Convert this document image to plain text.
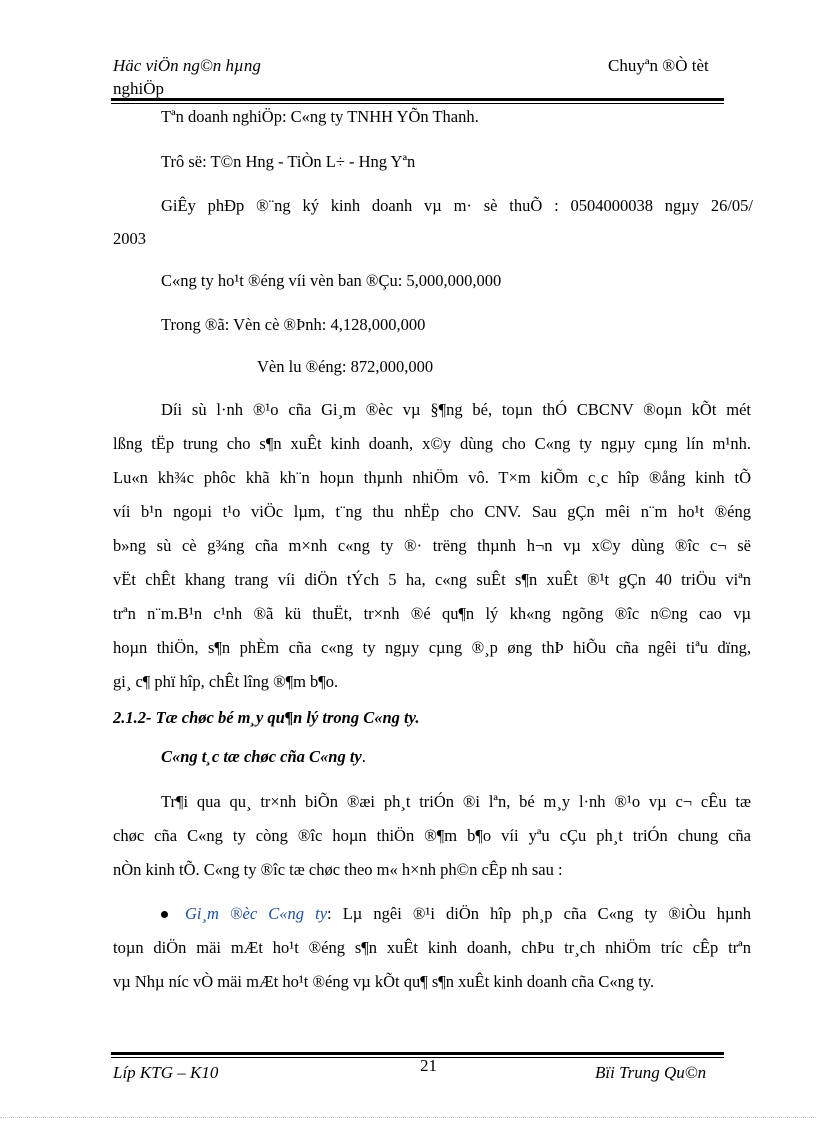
Häc viÖn ng©n hµng
nghiÖp
Chuyªn ®Ò tèt
Tªn doanh nghiÖp: C«ng ty TNHH YÕn Thanh.
Trô së: T©n Hng - TiÒn L÷ - Hng Yªn
GiÊy phÐp ®¨ng ký kinh doanh vµ m· sè thuÕ : 0504000038 ngµy 26/05/
2003
C«ng ty ho¹t ®éng víi vèn ban ®Çu: 5,000,000,000
Trong ®ã: Vèn cè ®Þnh: 4,128,000,000
Vèn lu ®éng: 872,000,000
Díi sù l·nh ®¹o cña Gi¸m ®èc vµ §¶ng bé, toµn thÓ CBCNV ®oµn kÕt mét
lßng tËp trung cho s¶n xuÊt kinh doanh, x©y dùng cho C«ng ty ngµy cµng lín m¹nh.
Lu«n kh¾c phôc khã kh¨n hoµn thµnh nhiÖm vô. T×m kiÕm c¸c hîp ®ång kinh tÕ
víi b¹n ngoµi t¹o viÖc lµm, t¨ng thu nhËp cho CNV. Sau gÇn mêi n¨m ho¹t ®éng
b»ng sù cè g¾ng cña m×nh c«ng ty ®· trëng thµnh h¬n vµ x©y dùng ®îc c¬ së
vËt chÊt khang trang víi diÖn tÝch 5 ha, c«ng suÊt s¶n xuÊt ®¹t gÇn 40 triÖu viªn
trªn n¨m.B¹n c¹nh ®ã kü thuËt, tr×nh ®é qu¶n lý kh«ng ngõng ®îc n©ng cao vµ
hoµn thiÖn, s¶n phÈm cña c«ng ty ngµy cµng ®¸p øng thÞ hiÕu cña ngêi tiªu dïng,
gi¸ c¶ phï hîp, chÊt lîng ®¶m b¶o.
2.1.2- Tæ chøc bé m¸y qu¶n lý trong C«ng ty.
C«ng t¸c tæ chøc cña C«ng ty.
Tr¶i qua qu¸ tr×nh biÕn ®æi ph¸t triÓn ®i lªn, bé m¸y l·nh ®¹o vµ c¬ cÊu tæ
chøc cña C«ng ty còng ®îc hoµn thiÖn ®¶m b¶o víi yªu cÇu ph¸t triÓn chung cña
nÒn kinh tÕ. C«ng ty ®îc tæ chøc theo m« h×nh ph©n cÊp nh sau :
Gi¸m ®èc C«ng ty: Lµ ngêi ®¹i diÖn hîp ph¸p cña C«ng ty ®iÒu hµnh
toµn diÖn mäi mÆt ho¹t ®éng s¶n xuÊt kinh doanh, chÞu tr¸ch nhiÖm tríc cÊp trªn
vµ Nhµ níc vÒ mäi mÆt ho¹t ®éng vµ kÕt qu¶ s¶n xuÊt kinh doanh cña C«ng ty.
Líp KTG – K10	21	Bïi Trung Qu©n
